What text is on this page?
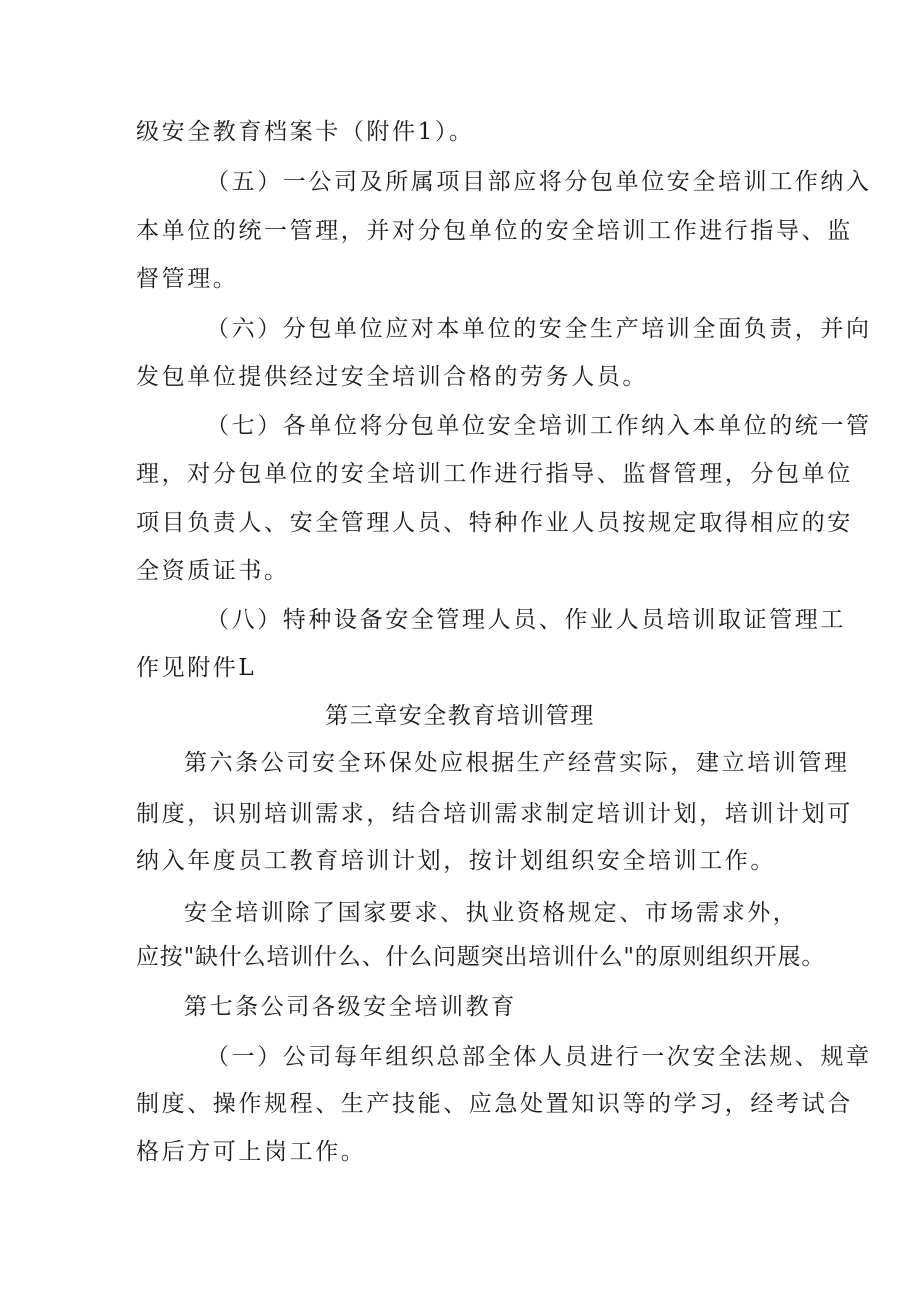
级安全教育档案卡（附件1）。
（五）一公司及所属项目部应将分包单位安全培训工作纳入
本单位的统一管理，并对分包单位的安全培训工作进行指导、监
督管理。
（六）分包单位应对本单位的安全生产培训全面负责，并向
发包单位提供经过安全培训合格的劳务人员。
（七）各单位将分包单位安全培训工作纳入本单位的统一管
理，对分包单位的安全培训工作进行指导、监督管理，分包单位
项目负责人、安全管理人员、特种作业人员按规定取得相应的安
全资质证书。
（八）特种设备安全管理人员、作业人员培训取证管理工
作见附件L
第三章安全教育培训管理
第六条公司安全环保处应根据生产经营实际，建立培训管理
制度，识别培训需求，结合培训需求制定培训计划，培训计划可
纳入年度员工教育培训计划，按计划组织安全培训工作。
安全培训除了国家要求、执业资格规定、市场需求外，
应按"缺什么培训什么、什么问题突出培训什么"的原则组织开展。
第七条公司各级安全培训教育
（一）公司每年组织总部全体人员进行一次安全法规、规章
制度、操作规程、生产技能、应急处置知识等的学习，经考试合
格后方可上岗工作。
